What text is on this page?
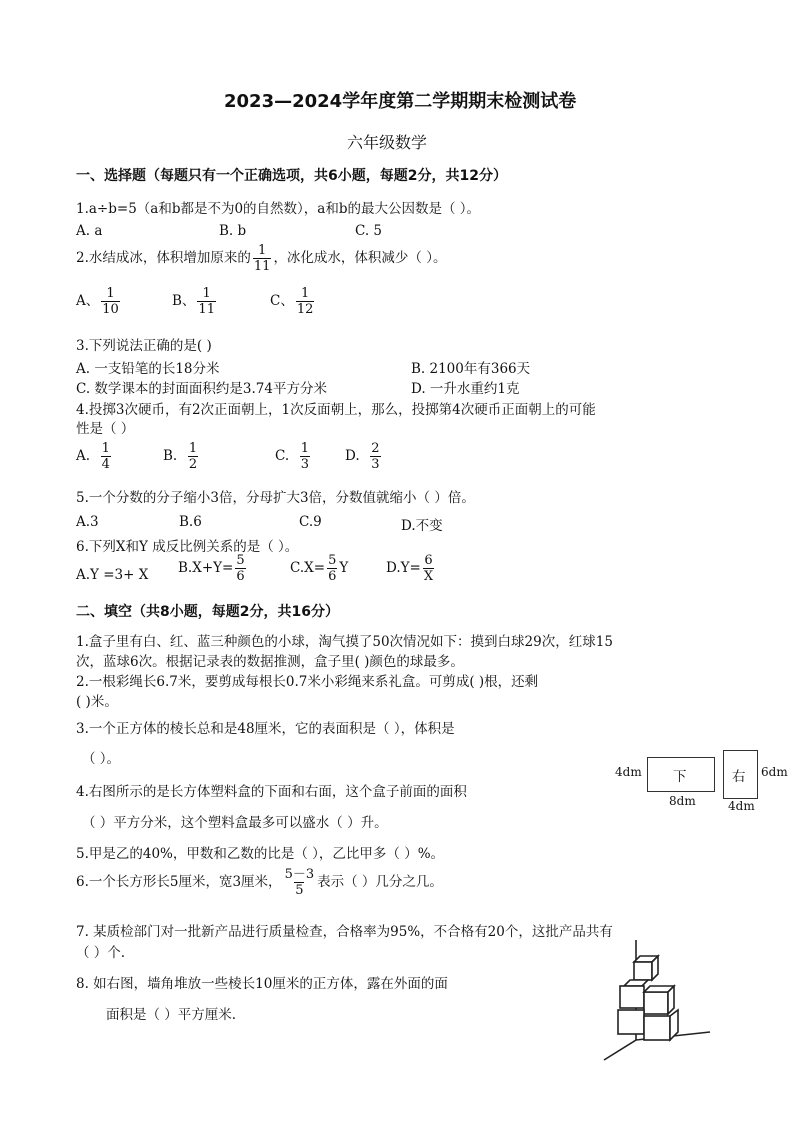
2023—2024学年度第二学期期末检测试卷
六年级数学
一、选择题（每题只有一个正确选项，共6小题，每题2分，共12分）
1.a÷b=5（a和b都是不为0的自然数），a和b的最大公因数是（ ）。
A. a	B. b	C. 5
2.水结成冰，体积增加原来的 $\frac{1}{11}$ ，冰化成水，体积减少（ ）。
A、 $\frac{1}{10}$	B、 $\frac{1}{11}$	C、 $\frac{1}{12}$
3.下列说法正确的是( )
A. 一支铅笔的长18分米	B. 2100年有366天
C. 数学课本的封面面积约是3.74平方分米	D. 一升水重约1克
4.投掷3次硬币，有2次正面朝上，1次反面朝上，那么，投掷第4次硬币正面朝上的可能
性是（ ）
A. $\frac{1}{4}$	B. $\frac{1}{2}$	C. $\frac{1}{3}$	D. $\frac{2}{3}$
5.一个分数的分子缩小3倍，分母扩大3倍，分数值就缩小（ ）倍。
A.3	B.6	C.9	D.不变
6.下列X和Y 成反比例关系的是（ ）。
A.Y =3+ X $B.X+Y= \frac{5}{6}$	$C.X= \frac{5}{6}$ Y	$D.Y= \frac{6}{X}$
二、填空（共8小题，每题2分，共16分）
1.盒子里有白、红、蓝三种颜色的小球，淘气摸了50次情况如下：摸到白球29次，红球15
次，蓝球6次。根据记录表的数据推测，盒子里( )颜色的球最多。
2.一根彩绳长6.7米，要剪成每根长0.7米小彩绳来系礼盒。可剪成( )根，还剩
( )米。
3.一个正方体的棱长总和是48厘米，它的表面积是（ ），体积是
（ ）。
4.右图所示的是长方体塑料盒的下面和右面，这个盒子前面的面积
（ ）平方分米，这个塑料盒最多可以盛水（ ）升。
5.甲是乙的40%，甲数和乙数的比是（ ），乙比甲多（ ）%。
6.一个长方形长5厘米，宽3厘米， $\frac{5-3}{5}$ 表示（ ）几分之几。
7. 某质检部门对一批新产品进行质量检查，合格率为95%，不合格有20个，这批产品共有
（ ）个.
8. 如右图，墙角堆放一些棱长10厘米的正方体，露在外面的面
面积是（ ）平方厘米.
下	右
4dm
8dm
6dm
4dm
